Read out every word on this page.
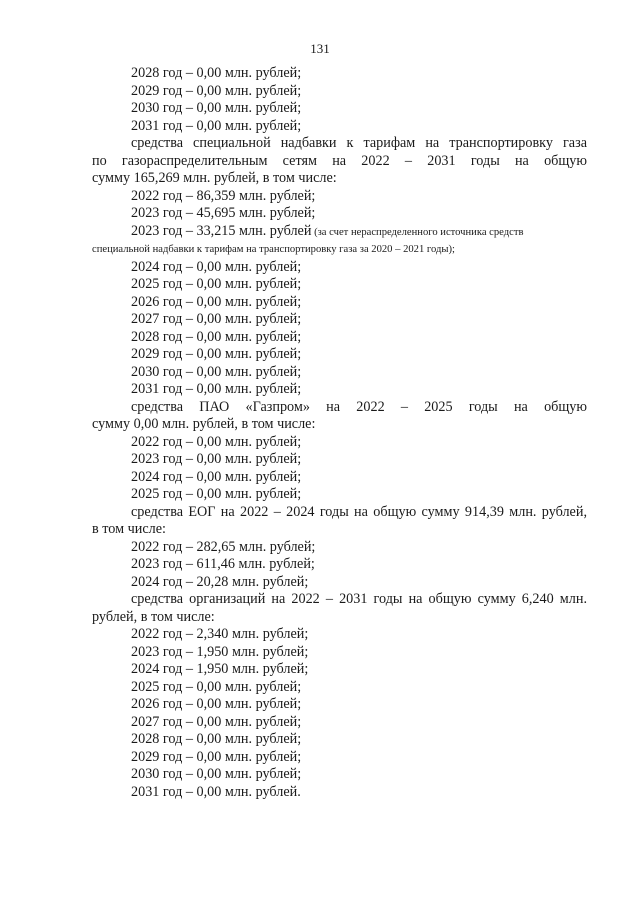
131
2028 год – 0,00 млн. рублей;
2029 год – 0,00 млн. рублей;
2030 год – 0,00 млн. рублей;
2031 год – 0,00 млн. рублей;
средства специальной надбавки к тарифам на транспортировку газа
по газораспределительным сетям на 2022 – 2031 годы на общую
сумму 165,269 млн. рублей, в том числе:
2022 год – 86,359 млн. рублей;
2023 год – 45,695 млн. рублей;
2023 год – 33,215 млн. рублей (за счет нераспределенного источника средств
специальной надбавки к тарифам на транспортировку газа за 2020 – 2021 годы);
2024 год – 0,00 млн. рублей;
2025 год – 0,00 млн. рублей;
2026 год – 0,00 млн. рублей;
2027 год – 0,00 млн. рублей;
2028 год – 0,00 млн. рублей;
2029 год – 0,00 млн. рублей;
2030 год – 0,00 млн. рублей;
2031 год – 0,00 млн. рублей;
средства ПАО «Газпром» на 2022 – 2025 годы на общую
сумму 0,00 млн. рублей, в том числе:
2022 год – 0,00 млн. рублей;
2023 год – 0,00 млн. рублей;
2024 год – 0,00 млн. рублей;
2025 год – 0,00 млн. рублей;
средства ЕОГ на 2022 – 2024 годы на общую сумму 914,39 млн. рублей,
в том числе:
2022 год – 282,65 млн. рублей;
2023 год – 611,46 млн. рублей;
2024 год – 20,28 млн. рублей;
средства организаций на 2022 – 2031 годы на общую сумму 6,240 млн.
рублей, в том числе:
2022 год – 2,340 млн. рублей;
2023 год – 1,950 млн. рублей;
2024 год – 1,950 млн. рублей;
2025 год – 0,00 млн. рублей;
2026 год – 0,00 млн. рублей;
2027 год – 0,00 млн. рублей;
2028 год – 0,00 млн. рублей;
2029 год – 0,00 млн. рублей;
2030 год – 0,00 млн. рублей;
2031 год – 0,00 млн. рублей.
